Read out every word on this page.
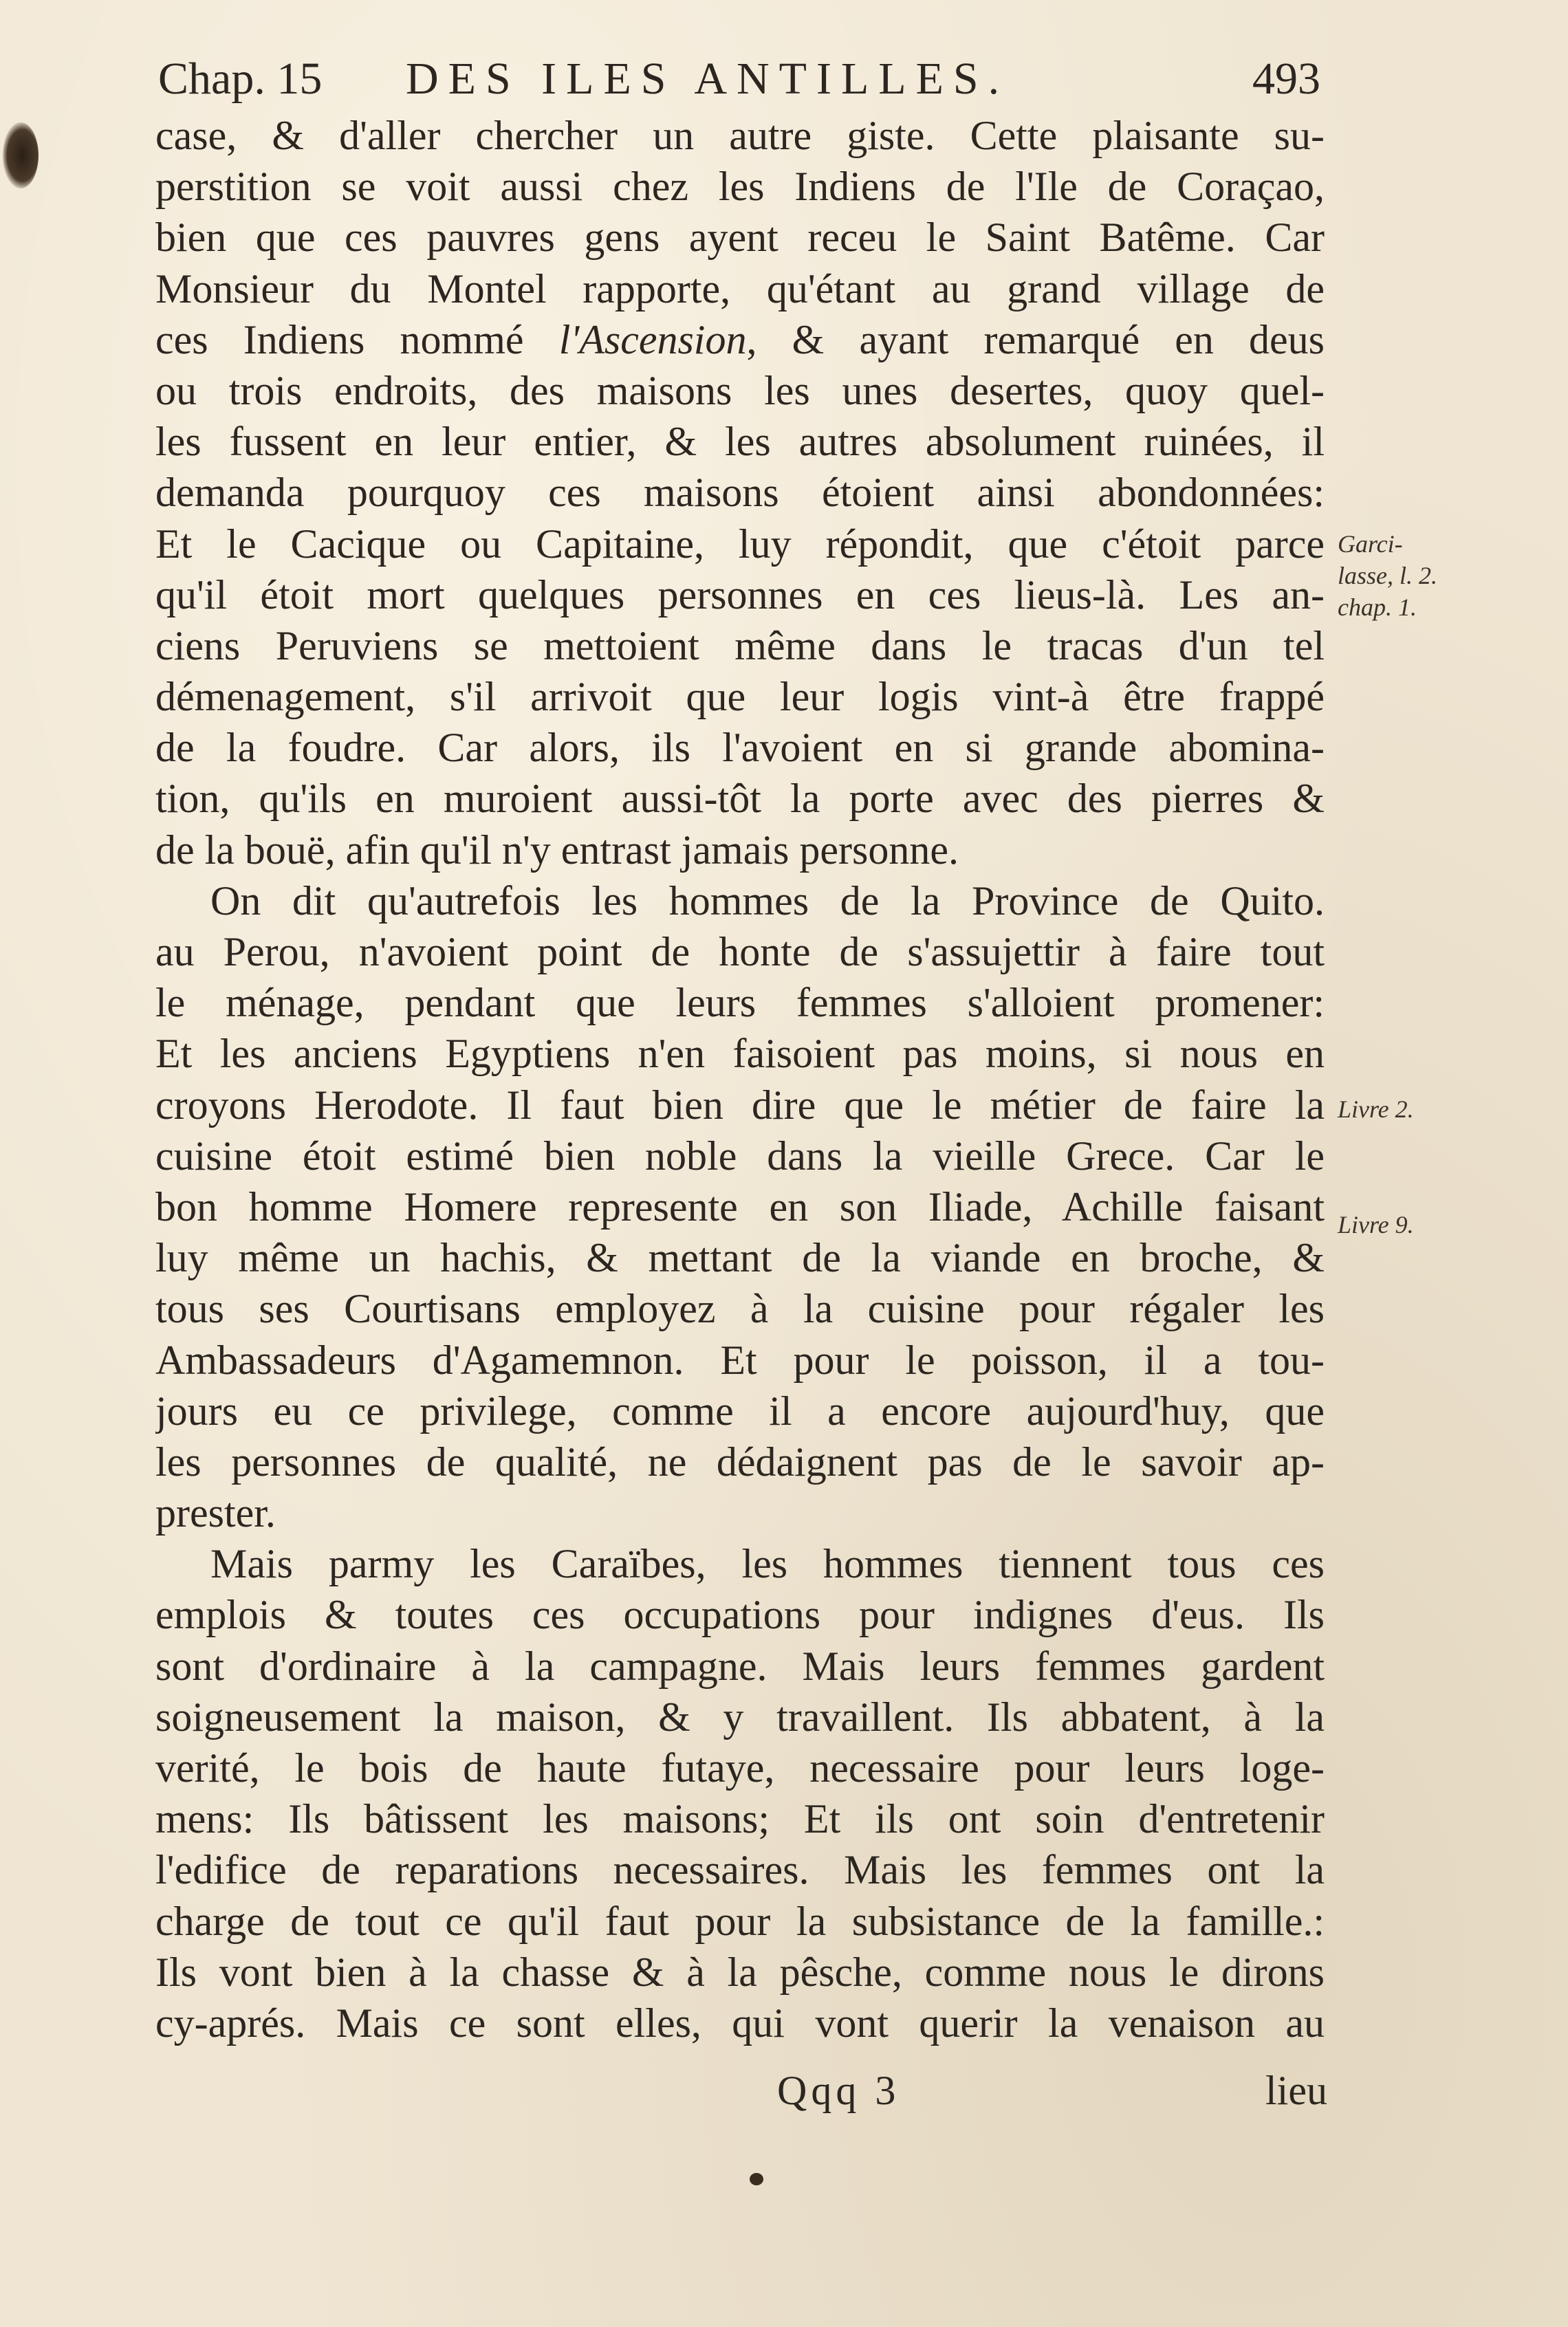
Chap. 15 DES ILES ANTILLES.	493
case, & d'aller chercher un autre giste. Cette plaisante su-
perstition se voit aussi chez les Indiens de l'Ile de Coraçao,
bien que ces pauvres gens ayent receu le Saint Batême. Car
Monsieur du Montel rapporte, qu'étant au grand village de
ces Indiens nommé l'Ascension, & ayant remarqué en deus
ou trois endroits, des maisons les unes desertes, quoy quel-
les fussent en leur entier, & les autres absolument ruinées, il
demanda pourquoy ces maisons étoient ainsi abondonnées:
Et le Cacique ou Capitaine, luy répondit, que c'étoit parce
qu'il étoit mort quelques personnes en ces lieus-là. Les an-
ciens Peruviens se mettoient même dans le tracas d'un tel
démenagement, s'il arrivoit que leur logis vint-à être frappé
de la foudre. Car alors, ils l'avoient en si grande abomina-
tion, qu'ils en muroient aussi-tôt la porte avec des pierres &
de la bouë, afin qu'il n'y entrast jamais personne.
On dit qu'autrefois les hommes de la Province de Quito.
au Perou, n'avoient point de honte de s'assujettir à faire tout
le ménage, pendant que leurs femmes s'alloient promener:
Et les anciens Egyptiens n'en faisoient pas moins, si nous en
croyons Herodote. Il faut bien dire que le métier de faire la
cuisine étoit estimé bien noble dans la vieille Grece. Car le
bon homme Homere represente en son Iliade, Achille faisant
luy même un hachis, & mettant de la viande en broche, &
tous ses Courtisans employez à la cuisine pour régaler les
Ambassadeurs d'Agamemnon. Et pour le poisson, il a tou-
jours eu ce privilege, comme il a encore aujourd'huy, que
les personnes de qualité, ne dédaignent pas de le savoir ap-
prester.
Mais parmy les Caraïbes, les hommes tiennent tous ces
emplois & toutes ces occupations pour indignes d'eus. Ils
sont d'ordinaire à la campagne. Mais leurs femmes gardent
soigneusement la maison, & y travaillent. Ils abbatent, à la
verité, le bois de haute futaye, necessaire pour leurs loge-
mens: Ils bâtissent les maisons; Et ils ont soin d'entretenir
l'edifice de reparations necessaires. Mais les femmes ont la
charge de tout ce qu'il faut pour la subsistance de la famille.:
Ils vont bien à la chasse & à la pêsche, comme nous le dirons
cy-aprés. Mais ce sont elles, qui vont querir la venaison au
Garci-
lasse, l. 2.
chap. 1.
Livre 2.
Livre 9.
Qqq 3	lieu
